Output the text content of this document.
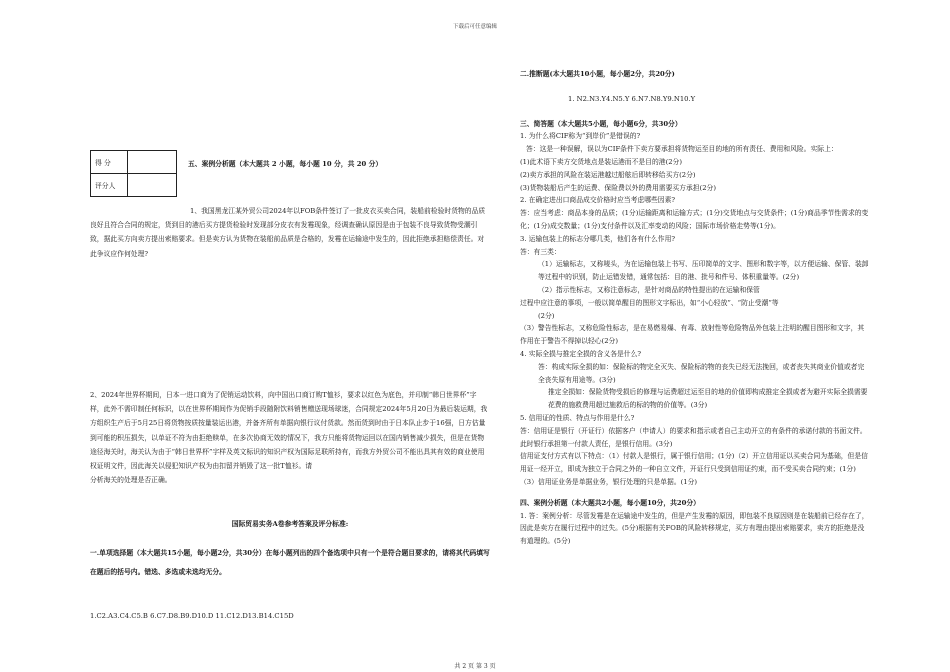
下载后可任意编辑
得 分	
评分人	

五、案例分析题（本大题共 2 小题，每小题 10 分，共 20 分）

1、我国黑龙江某外贸公司2024年以FOB条件签订了一批皮衣买卖合同，装船前检验时货物的品质良好且符合合同的规定，货到目的港后买方提货检验时发现部分皮衣有发霉现象，经调查确认原因是由于包装不良导致货物受潮引致，据此买方向卖方提出索赔要求。但是卖方认为货物在装船前品质是合格的，发霉在运输途中发生的，因此拒绝承担赔偿责任。对此争议应作何处理?

2、2024年世界杯期间，日本一进口商为了促销运动饮料，向中国出口商订购T恤衫，要求以红色为底色，并印制“韩日世界杯”字样，此外不需印制任何标识，以在世界杯期间作为促销手段随附饮料销售赠送现场球迷，合同规定2024年5月20日为最后装运期，我方组织生产后于5月25日将货物按质按量装运出港，并备齐所有单据向银行议付货款。然而货到时由于日本队止步于16强，日方估量到可能的积压损失，以单证不符为由拒绝赎单，在多次协商无效的情况下，我方只能将货物运回以在国内销售减少损失，但是在货物途径海关时，海关认为由于“韩日世界杯”字样及英文标识的知识产权为国际足联所持有，而我方外贸公司不能出具其有效的商业使用权证明文件，因此海关以侵犯知识产权为由扣留并销毁了这一批T恤衫。请

分析海关的处理是否正确。

国际贸易实务A卷参考答案及评分标准:

一.单项选择题（本大题共15小题，每小题2分，共30分）在每小题列出的四个备选项中只有一个是符合题目要求的，请将其代码填写在题后的括号内。错选、多选或未选均无分。

1.C2.A3.C4.C5.B 6.C7.D8.B9.D10.D 11.C12.D13.B14.C15D

二.推断题(本大题共10小题，每小题2分，共20分)

1. N2.N3.Y4.N5.Y 6.N7.N8.Y9.N10.Y

三、简答题（本大题共5小题，每小题6分，共30分）

1. 为什么将CIF称为“到岸价”是错误的?

答：这是一种误解，误以为CIF条件下卖方要承担将货物运至目的地的所有责任、费用和风险。实际上：

(1)此术语下卖方交货地点是装运港而不是目的港(2分)

(2)卖方承担的风险在装运港越过船舷后即转移给买方(2分)

(3)货物装船后产生的运费、保险费以外的费用需要买方承担(2分)

2. 在确定进出口商品成交价格时应当考虑哪些因素?

答：应当考虑：商品本身的品质；(1分)运输距离和运输方式；(1分)交货地点与交货条件；(1分)商品季节性需求的变化；(1分)成交数量；(1分)支付条件以及汇率变动的风险；国际市场价格走势等(1分)。

3. 运输包装上的标志分哪几类，他们各有什么作用?

答：有三类：

（1）运输标志，又称唛头，为在运输包装上书写、压印简单的文字、图形和数字等，以方便运输、保管、装卸等过程中的识别，防止运错发错，通常包括：目的港、批号和件号、体积重量等。(2分)

（2）指示性标志，又称注意标志，是针对商品的特性提出的在运输和保管

过程中应注意的事项，一般以简单醒目的图形文字标出，如“小心轻放”、“防止受潮”等

(2分)

（3）警告性标志，又称危险性标志，是在易燃易爆、有毒、放射性等危险物品外包装上注明的醒目图形和文字，其作用在于警告不得掉以轻心(2分)

4. 实际全损与推定全损的含义各是什么?

答：构成实际全损的如：保险标的物完全灭失、保险标的物的丧失已经无法挽回，或者丧失其商业价值或者完全丧失原有用途等。(3分)

推定全损如：保险货物受损后的修理与运费超过运至目的地的价值即构成推定全损或者为避开实际全损需要花费的施救费用超过施救后的标的物的价值等。(3分)

5. 信用证的性质、特点与作用是什么?

答：信用证是银行（开证行）依据客户（申请人）的要求和指示或者自己主动开立的有条件的承诺付款的书面文件。此时银行承担第一付款人责任，是银行信用。(3分)

信用证支付方式有以下特点：（1）付款人是银行，属于银行信用；(1分)（2）开立信用证以买卖合同为基础，但是信用证一经开立，即成为独立于合同之外的一种自立文件，开证行只受到信用证约束，而不受买卖合同约束；(1分)（3）信用证业务是单据业务，银行处理的只是单据。(1分)

四、案例分析题（本大题共2小题，每小题10分，共20分）

1. 答：案例分析：尽管发霉是在运输途中发生的，但是产生发霉的原因，即包装不良原因则是在装船前已经存在了，因此是卖方在履行过程中的过失。(5分)根据有关FOB的风险转移规定，买方有理由提出索赔要求，卖方的拒绝是没有道理的。(5分)

共 2 页 第 3 页
